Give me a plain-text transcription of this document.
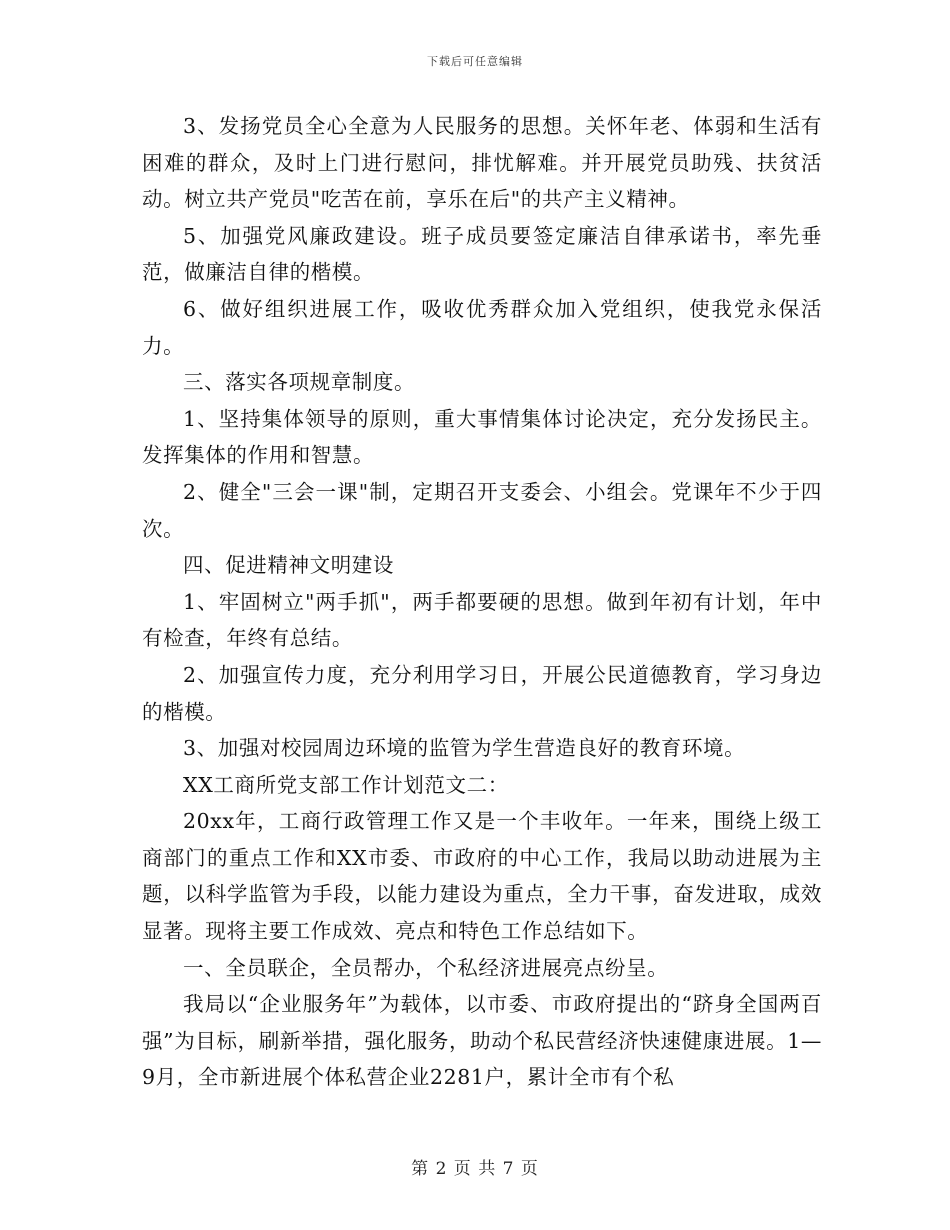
下载后可任意编辑

3、发扬党员全心全意为人民服务的思想。关怀年老、体弱和生活有困难的群众，及时上门进行慰问，排忧解难。并开展党员助残、扶贫活动。树立共产党员"吃苦在前，享乐在后"的共产主义精神。

5、加强党风廉政建设。班子成员要签定廉洁自律承诺书，率先垂范，做廉洁自律的楷模。

6、做好组织进展工作，吸收优秀群众加入党组织，使我党永保活力。

三、落实各项规章制度。

1、坚持集体领导的原则，重大事情集体讨论决定，充分发扬民主。发挥集体的作用和智慧。

2、健全"三会一课"制，定期召开支委会、小组会。党课年不少于四次。

四、促进精神文明建设

1、牢固树立"两手抓"，两手都要硬的思想。做到年初有计划，年中有检查，年终有总结。

2、加强宣传力度，充分利用学习日，开展公民道德教育，学习身边的楷模。

3、加强对校园周边环境的监管为学生营造良好的教育环境。

XX工商所党支部工作计划范文二：

20xx年，工商行政管理工作又是一个丰收年。一年来，围绕上级工商部门的重点工作和XX市委、市政府的中心工作，我局以助动进展为主题，以科学监管为手段，以能力建设为重点，全力干事，奋发进取，成效显著。现将主要工作成效、亮点和特色工作总结如下。

一、全员联企，全员帮办，个私经济进展亮点纷呈。

我局以“企业服务年”为载体，以市委、市政府提出的“跻身全国两百强”为目标，刷新举措，强化服务，助动个私民营经济快速健康进展。1—9月，全市新进展个体私营企业2281户，累计全市有个私

第 2 页 共 7 页
